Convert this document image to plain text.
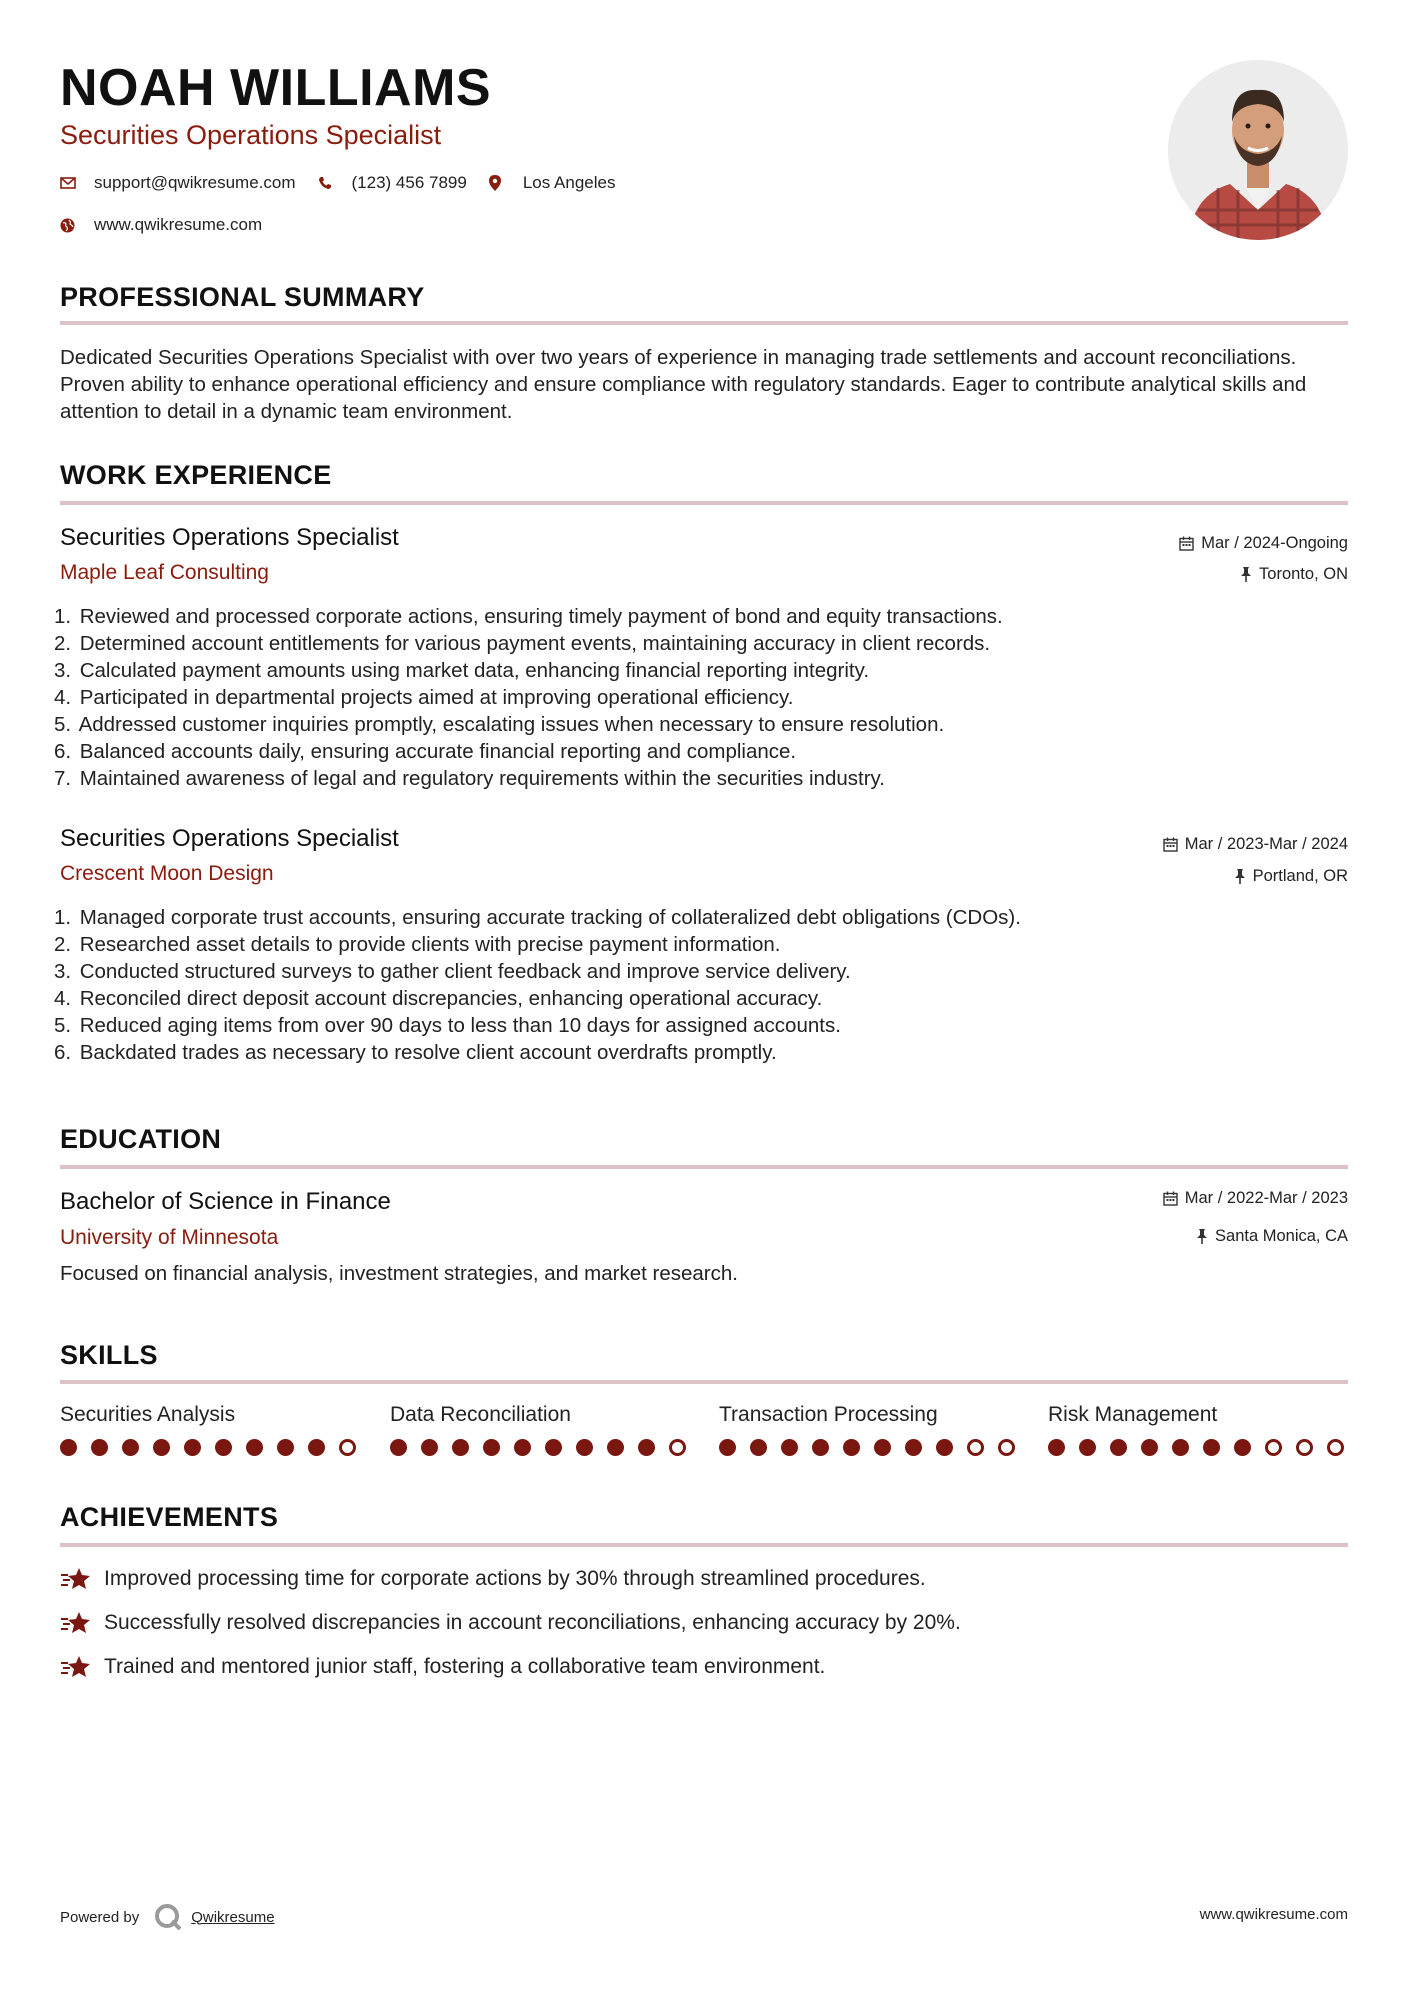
NOAH WILLIAMS
Securities Operations Specialist
support@qwikresume.com	(123) 456 7899	Los Angeles
www.qwikresume.com
PROFESSIONAL SUMMARY
Dedicated Securities Operations Specialist with over two years of experience in managing trade settlements and account reconciliations. Proven ability to enhance operational efficiency and ensure compliance with regulatory standards. Eager to contribute analytical skills and attention to detail in a dynamic team environment.
WORK EXPERIENCE
Securities Operations Specialist	Mar / 2024-Ongoing
Maple Leaf Consulting	Toronto, ON
1. Reviewed and processed corporate actions, ensuring timely payment of bond and equity transactions.
2. Determined account entitlements for various payment events, maintaining accuracy in client records.
3. Calculated payment amounts using market data, enhancing financial reporting integrity.
4. Participated in departmental projects aimed at improving operational efficiency.
5. Addressed customer inquiries promptly, escalating issues when necessary to ensure resolution.
6. Balanced accounts daily, ensuring accurate financial reporting and compliance.
7. Maintained awareness of legal and regulatory requirements within the securities industry.
Securities Operations Specialist	Mar / 2023-Mar / 2024
Crescent Moon Design	Portland, OR
1. Managed corporate trust accounts, ensuring accurate tracking of collateralized debt obligations (CDOs).
2. Researched asset details to provide clients with precise payment information.
3. Conducted structured surveys to gather client feedback and improve service delivery.
4. Reconciled direct deposit account discrepancies, enhancing operational accuracy.
5. Reduced aging items from over 90 days to less than 10 days for assigned accounts.
6. Backdated trades as necessary to resolve client account overdrafts promptly.
EDUCATION
Bachelor of Science in Finance	Mar / 2022-Mar / 2023
University of Minnesota	Santa Monica, CA
Focused on financial analysis, investment strategies, and market research.
SKILLS
Securities Analysis	Data Reconciliation	Transaction Processing	Risk Management
ACHIEVEMENTS
Improved processing time for corporate actions by 30% through streamlined procedures.
Successfully resolved discrepancies in account reconciliations, enhancing accuracy by 20%.
Trained and mentored junior staff, fostering a collaborative team environment.
Powered by	Qwikresume	www.qwikresume.com
